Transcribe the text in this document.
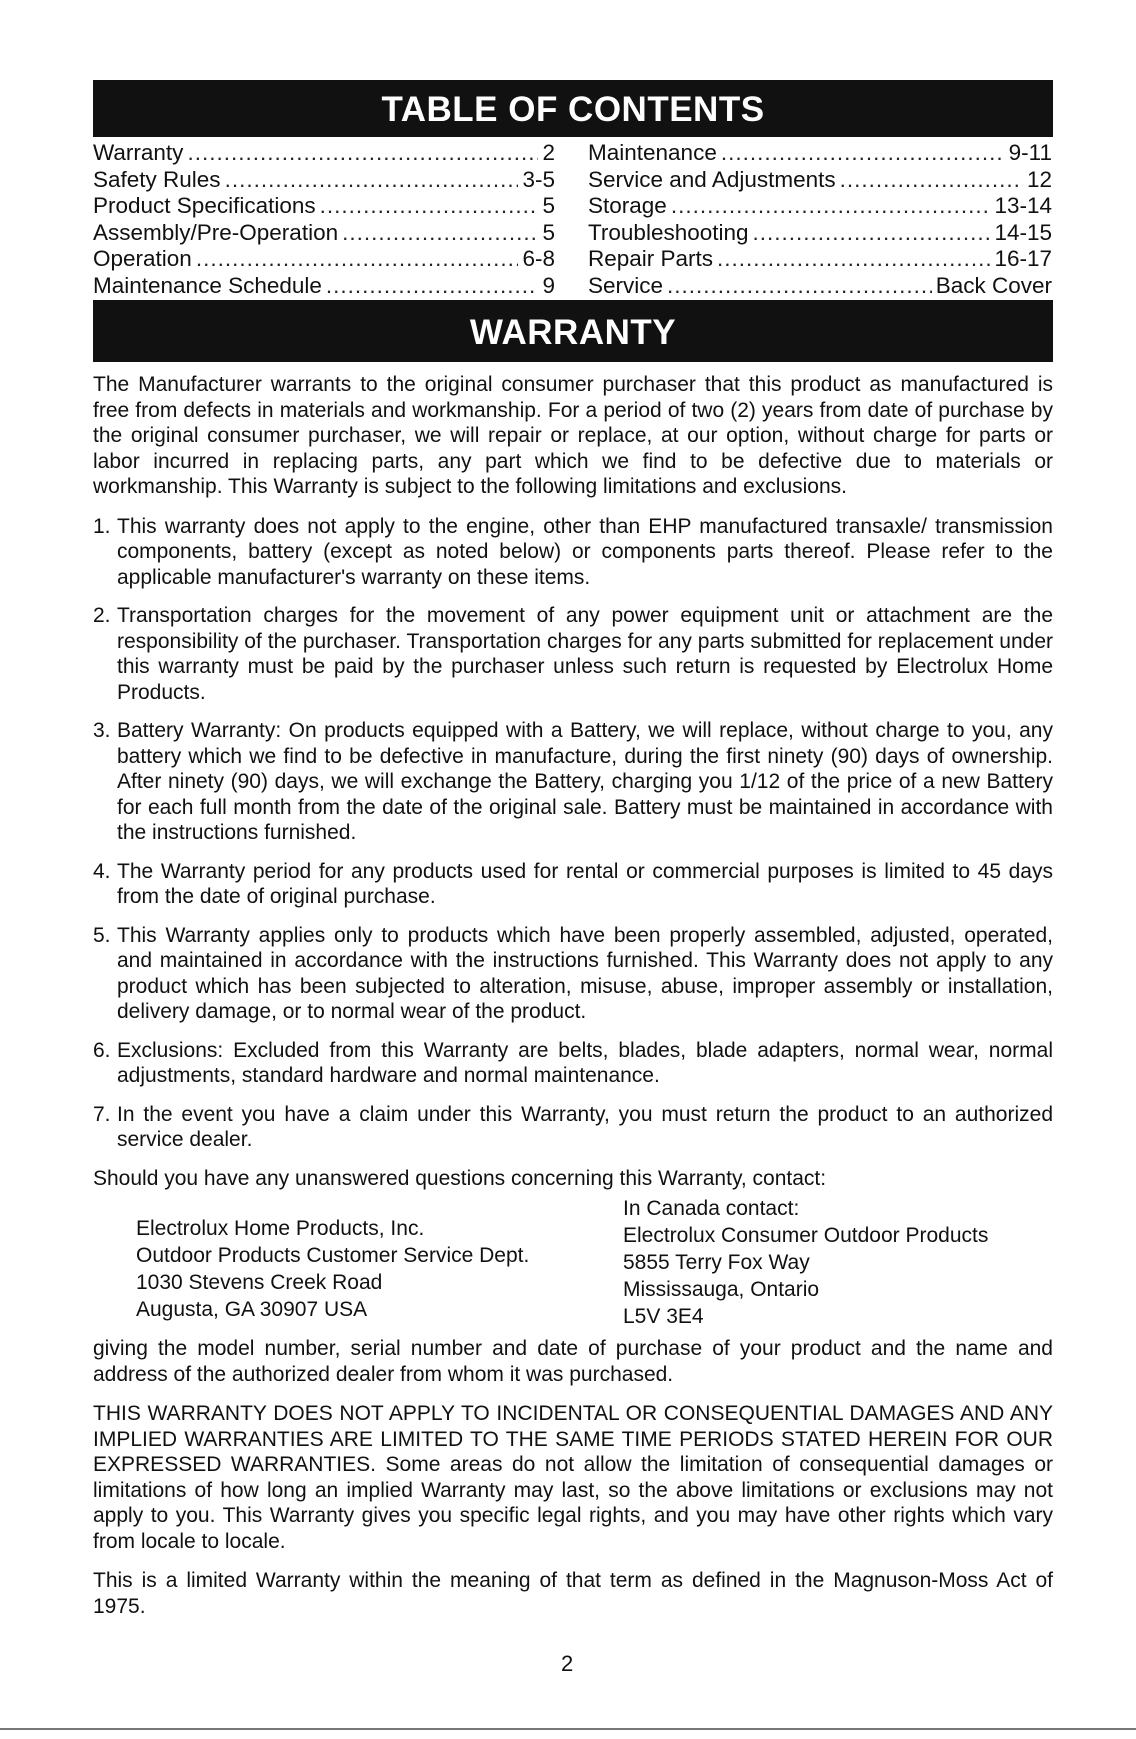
TABLE OF CONTENTS
Warranty .....	2
Safety Rules .....	3-5
Product Specifications .....	5
Assembly/Pre-Operation .....	5
Operation .....	6-8
Maintenance Schedule .....	9
Maintenance .....	9-11
Service and Adjustments .....	12
Storage .....	13-14
Troubleshooting .....	14-15
Repair Parts .....	16-17
Service .....	Back Cover
WARRANTY

The Manufacturer warrants to the original consumer purchaser that this product as manufactured is free from defects in materials and workmanship. For a period of two (2) years from date of purchase by the original consumer purchaser, we will repair or replace, at our option, without charge for parts or labor incurred in replacing parts, any part which we find to be defective due to materials or workmanship. This Warranty is subject to the following limitations and exclusions.

1. This warranty does not apply to the engine, other than EHP manufactured transaxle/ transmission components, battery (except as noted below) or components parts thereof. Please refer to the applicable manufacturer's warranty on these items.
2. Transportation charges for the movement of any power equipment unit or attachment are the responsibility of the purchaser. Transportation charges for any parts submitted for replacement under this warranty must be paid by the purchaser unless such return is requested by Electrolux Home Products.
3. Battery Warranty: On products equipped with a Battery, we will replace, without charge to you, any battery which we find to be defective in manufacture, during the first ninety (90) days of ownership. After ninety (90) days, we will exchange the Battery, charging you 1/12 of the price of a new Battery for each full month from the date of the original sale. Battery must be maintained in accordance with the instructions furnished.
4. The Warranty period for any products used for rental or commercial purposes is limited to 45 days from the date of original purchase.
5. This Warranty applies only to products which have been properly assembled, adjusted, operated, and maintained in accordance with the instructions furnished. This Warranty does not apply to any product which has been subjected to alteration, misuse, abuse, improper assembly or installation, delivery damage, or to normal wear of the product.
6. Exclusions: Excluded from this Warranty are belts, blades, blade adapters, normal wear, normal adjustments, standard hardware and normal maintenance.
7. In the event you have a claim under this Warranty, you must return the product to an authorized service dealer.

Should you have any unanswered questions concerning this Warranty, contact:

Electrolux Home Products, Inc.
Outdoor Products Customer Service Dept.
1030 Stevens Creek Road
Augusta, GA 30907 USA
In Canada contact:
Electrolux Consumer Outdoor Products
5855 Terry Fox Way
Mississauga, Ontario
L5V 3E4

giving the model number, serial number and date of purchase of your product and the name and address of the authorized dealer from whom it was purchased.

THIS WARRANTY DOES NOT APPLY TO INCIDENTAL OR CONSEQUENTIAL DAMAGES AND ANY IMPLIED WARRANTIES ARE LIMITED TO THE SAME TIME PERIODS STATED HEREIN FOR OUR EXPRESSED WARRANTIES. Some areas do not allow the limitation of consequential damages or limitations of how long an implied Warranty may last, so the above limitations or exclusions may not apply to you. This Warranty gives you specific legal rights, and you may have other rights which vary from locale to locale.

This is a limited Warranty within the meaning of that term as defined in the Magnuson-Moss Act of 1975.

2
